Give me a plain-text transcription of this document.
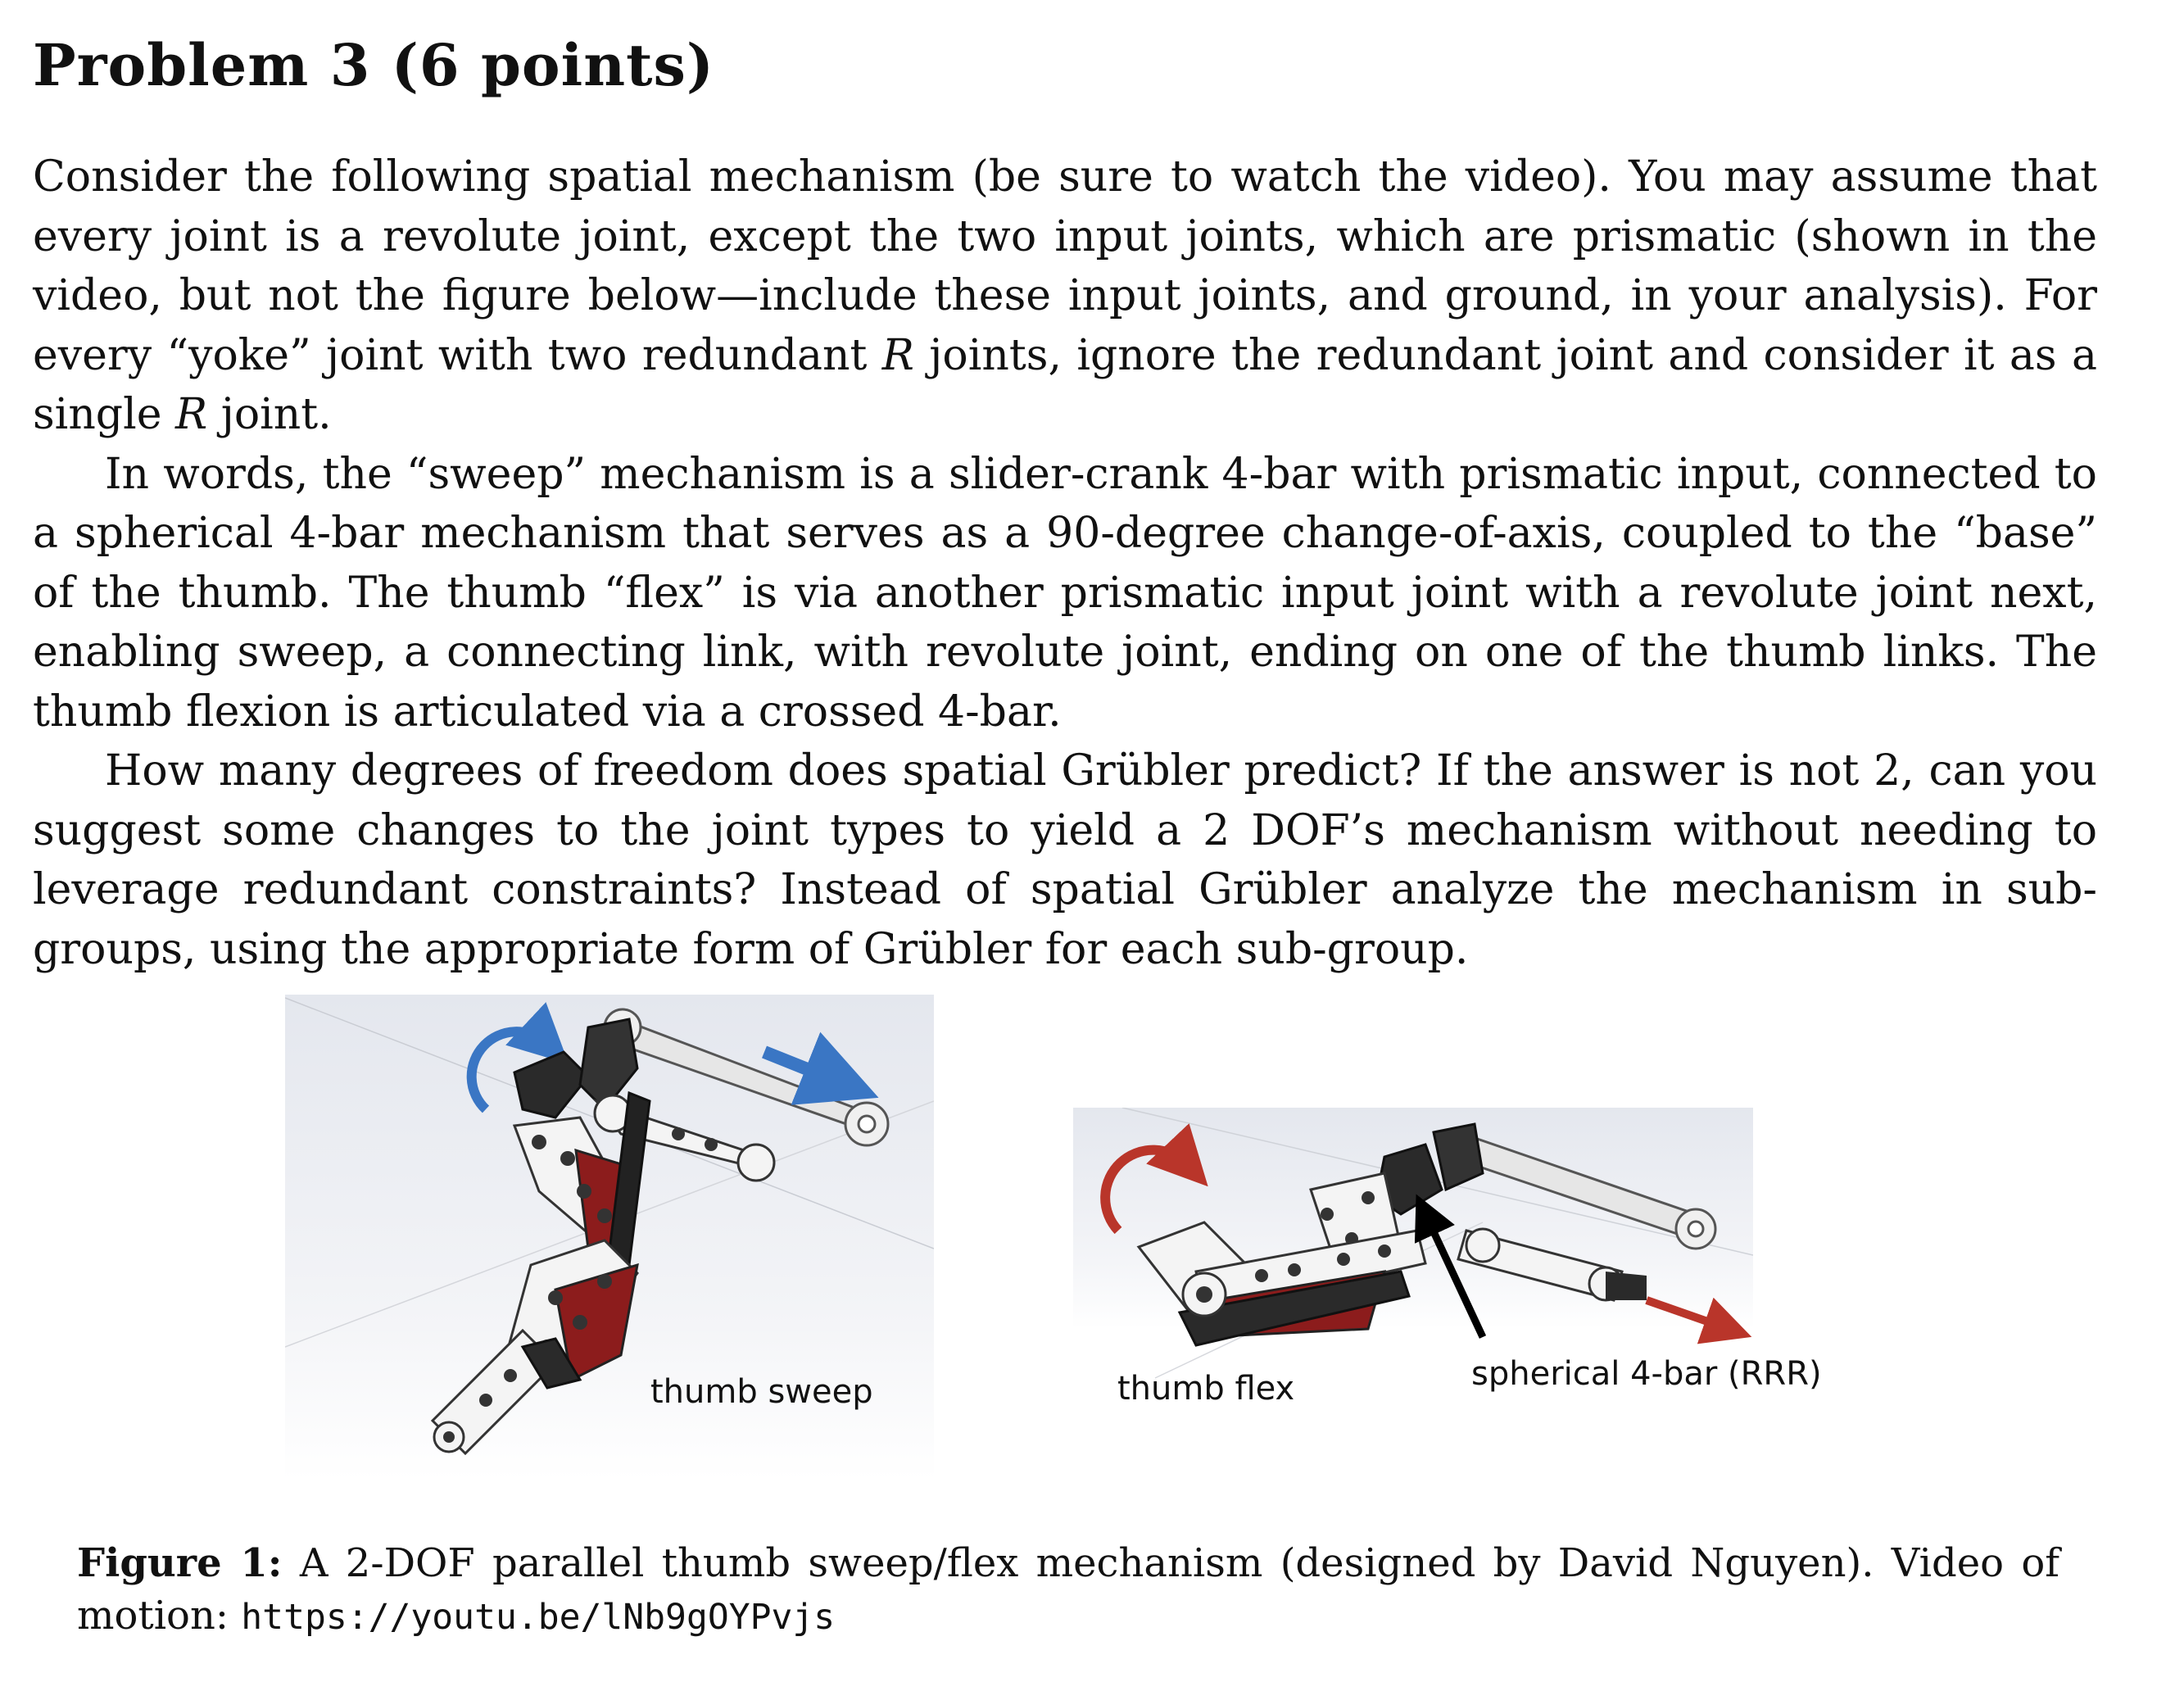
Problem 3 (6 points)

Consider the following spatial mechanism (be sure to watch the video). You may assume that every joint is a revolute joint, except the two input joints, which are prismatic (shown in the video, but not the figure below—include these input joints, and ground, in your analysis). For every “yoke” joint with two redundant R joints, ignore the redundant joint and consider it as a single R joint.

In words, the “sweep” mechanism is a slider-crank 4-bar with prismatic input, connected to a spherical 4-bar mechanism that serves as a 90-degree change-of-axis, coupled to the “base” of the thumb. The thumb “flex” is via another prismatic input joint with a revolute joint next, enabling sweep, a connecting link, with revolute joint, ending on one of the thumb links. The thumb flexion is articulated via a crossed 4-bar.

How many degrees of freedom does spatial Grübler predict? If the answer is not 2, can you suggest some changes to the joint types to yield a 2 DOF’s mechanism without needing to leverage redundant constraints? Instead of spatial Grübler analyze the mechanism in sub-groups, using the appropriate form of Grübler for each sub-group.

thumb sweep	thumb flex	spherical 4-bar (RRR)
Figure 1: A 2-DOF parallel thumb sweep/flex mechanism (designed by David Nguyen). Video of motion: https://youtu.be/lNb9gOYPvjs
